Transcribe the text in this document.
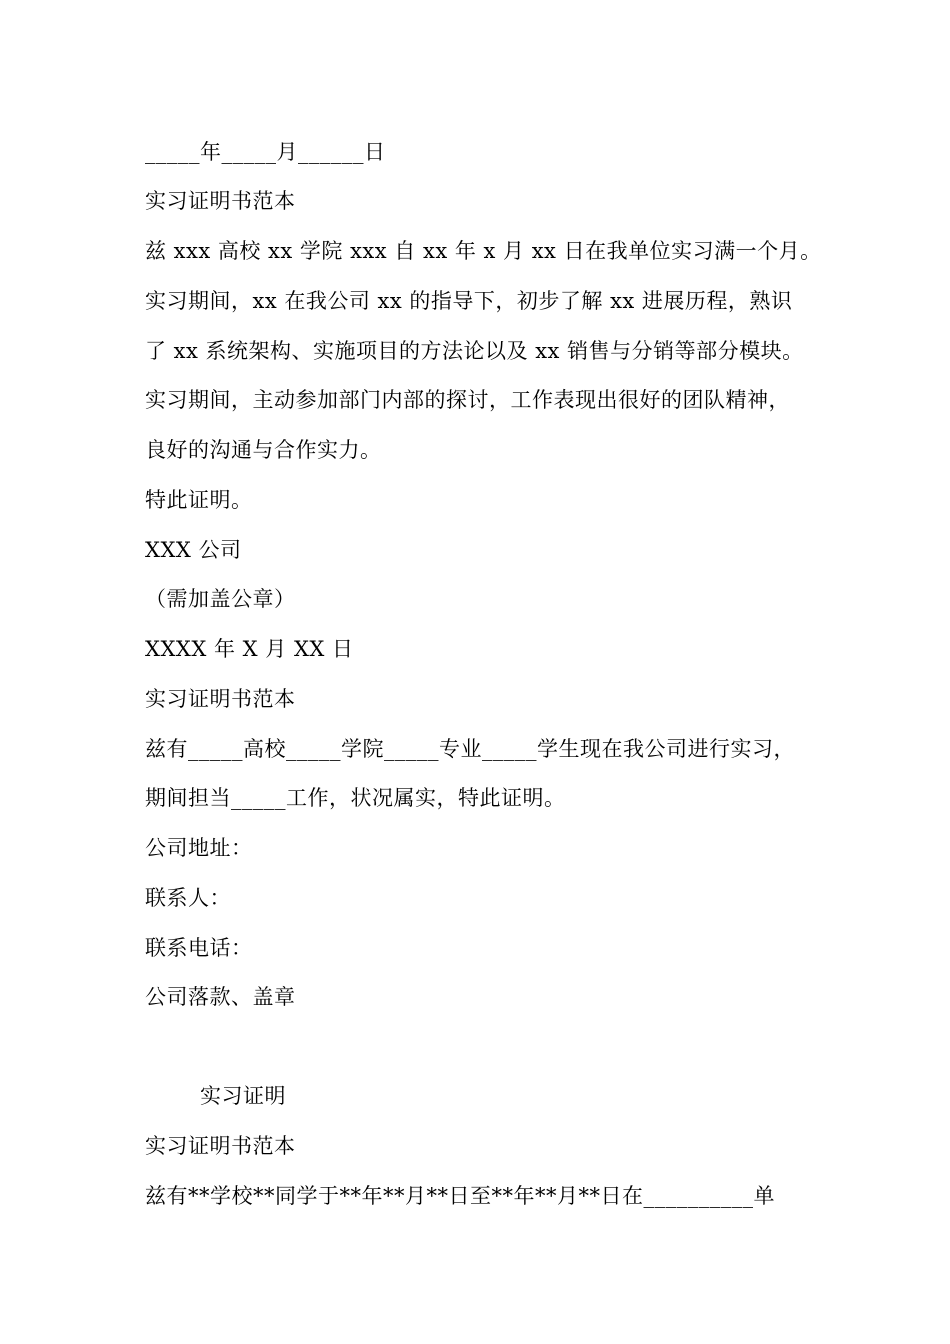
_____年_____月______日
实习证明书范本
兹 xxx 高校 xx 学院 xxx 自 xx 年 x 月 xx 日在我单位实习满一个月。
实习期间，xx 在我公司 xx 的指导下，初步了解 xx 进展历程，熟识
了 xx 系统架构、实施项目的方法论以及 xx 销售与分销等部分模块。
实习期间，主动参加部门内部的探讨，工作表现出很好的团队精神，
良好的沟通与合作实力。
特此证明。
XXX 公司
（需加盖公章）
XXXX 年 X 月 XX 日
实习证明书范本
兹有_____高校_____学院_____专业_____学生现在我公司进行实习，
期间担当_____工作，状况属实，特此证明。
公司地址：
联系人：
联系电话：
公司落款、盖章
实习证明
实习证明书范本
兹有**学校**同学于**年**月**日至**年**月**日在__________单
